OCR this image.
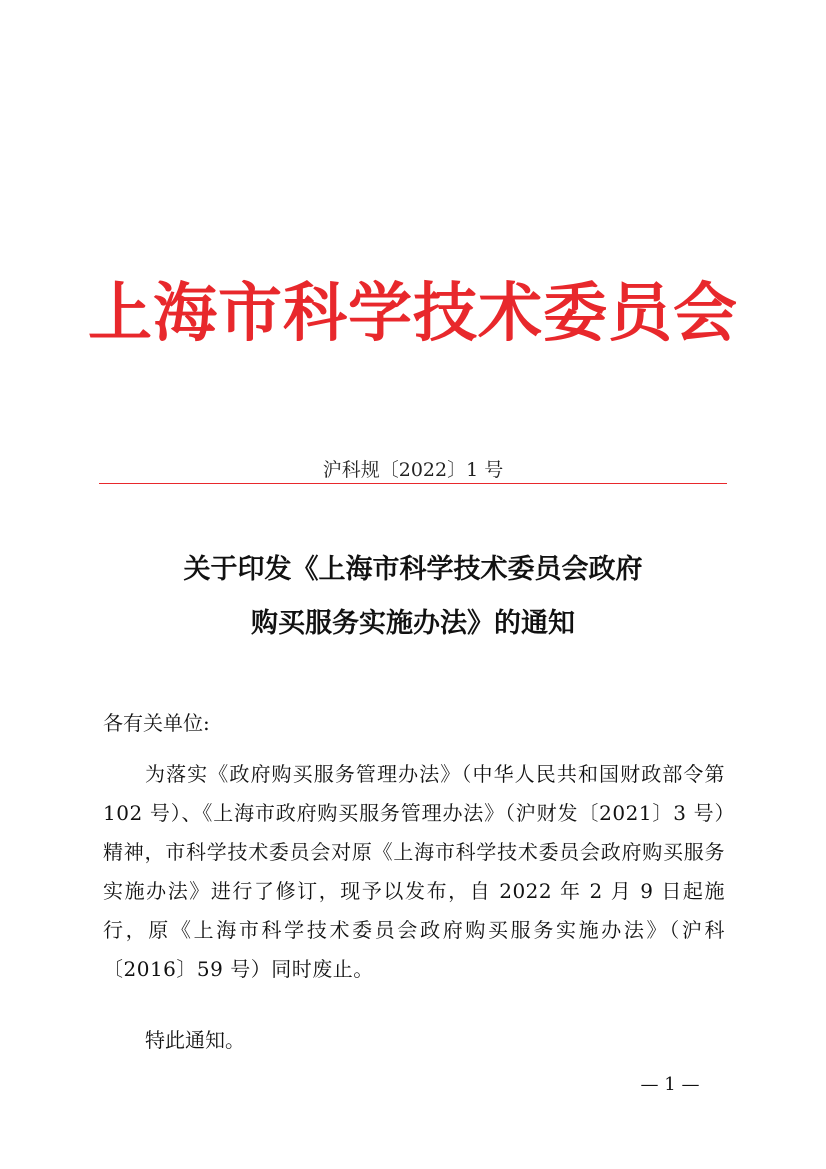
上海市科学技术委员会
沪科规〔2022〕1 号
关于印发《上海市科学技术委员会政府
购买服务实施办法》的通知
各有关单位:
为落实《政府购买服务管理办法》（中华人民共和国财政部令第 102 号）、《上海市政府购买服务管理办法》（沪财发〔2021〕3 号）精神，市科学技术委员会对原《上海市科学技术委员会政府购买服务实施办法》进行了修订，现予以发布，自 2022 年 2 月 9 日起施行，原《上海市科学技术委员会政府购买服务实施办法》（沪科〔2016〕59 号）同时废止。
特此通知。
— 1 —
